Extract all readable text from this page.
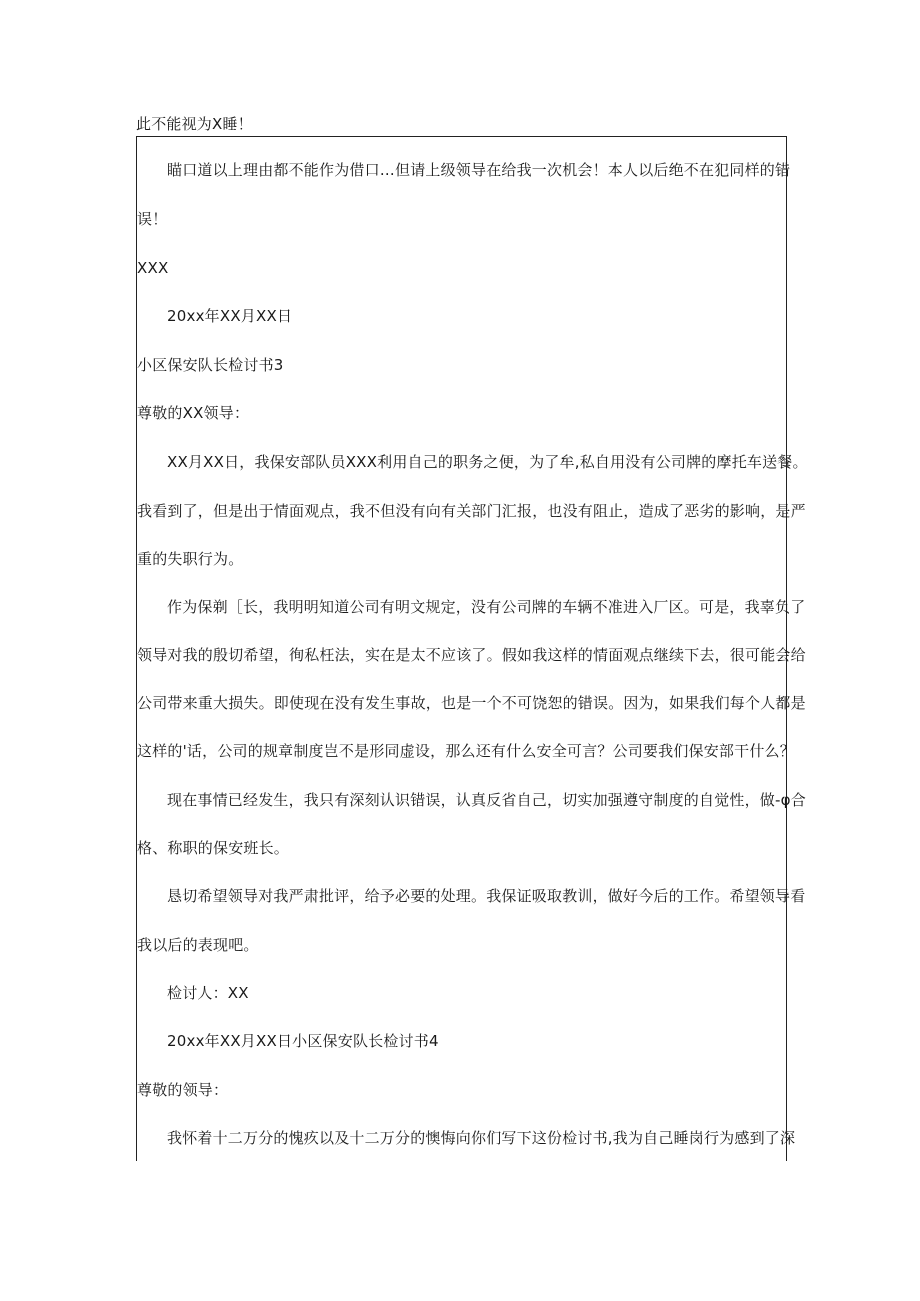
此不能视为X睡！
瞄口道以上理由都不能作为借口…但请上级领导在给我一次机会！本人以后绝不在犯同样的错
误！
XXX
20xx年XX月XX日
小区保安队长检讨书3
尊敬的XX领导：
XX月XX日，我保安部队员XXX利用自己的职务之便，为了牟,私自用没有公司牌的摩托车送餐。
我看到了，但是出于情面观点，我不但没有向有关部门汇报，也没有阻止，造成了恶劣的影响，是严
重的失职行为。
作为保剃［长，我明明知道公司有明文规定，没有公司牌的车辆不准进入厂区。可是，我辜负了
领导对我的殷切希望，徇私枉法，实在是太不应该了。假如我这样的情面观点继续下去，很可能会给
公司带来重大损失。即使现在没有发生事故，也是一个不可饶恕的错误。因为，如果我们每个人都是
这样的'话，公司的规章制度岂不是形同虚设，那么还有什么安全可言？公司要我们保安部干什么？
现在事情已经发生，我只有深刻认识错误，认真反省自己，切实加强遵守制度的自觉性，做-φ合
格、称职的保安班长。
恳切希望领导对我严肃批评，给予必要的处理。我保证吸取教训，做好今后的工作。希望领导看
我以后的表现吧。
检讨人：XX
20xx年XX月XX日小区保安队长检讨书4
尊敬的领导：
我怀着十二万分的愧疚以及十二万分的懊悔向你们写下这份检讨书,我为自己睡岗行为感到了深
